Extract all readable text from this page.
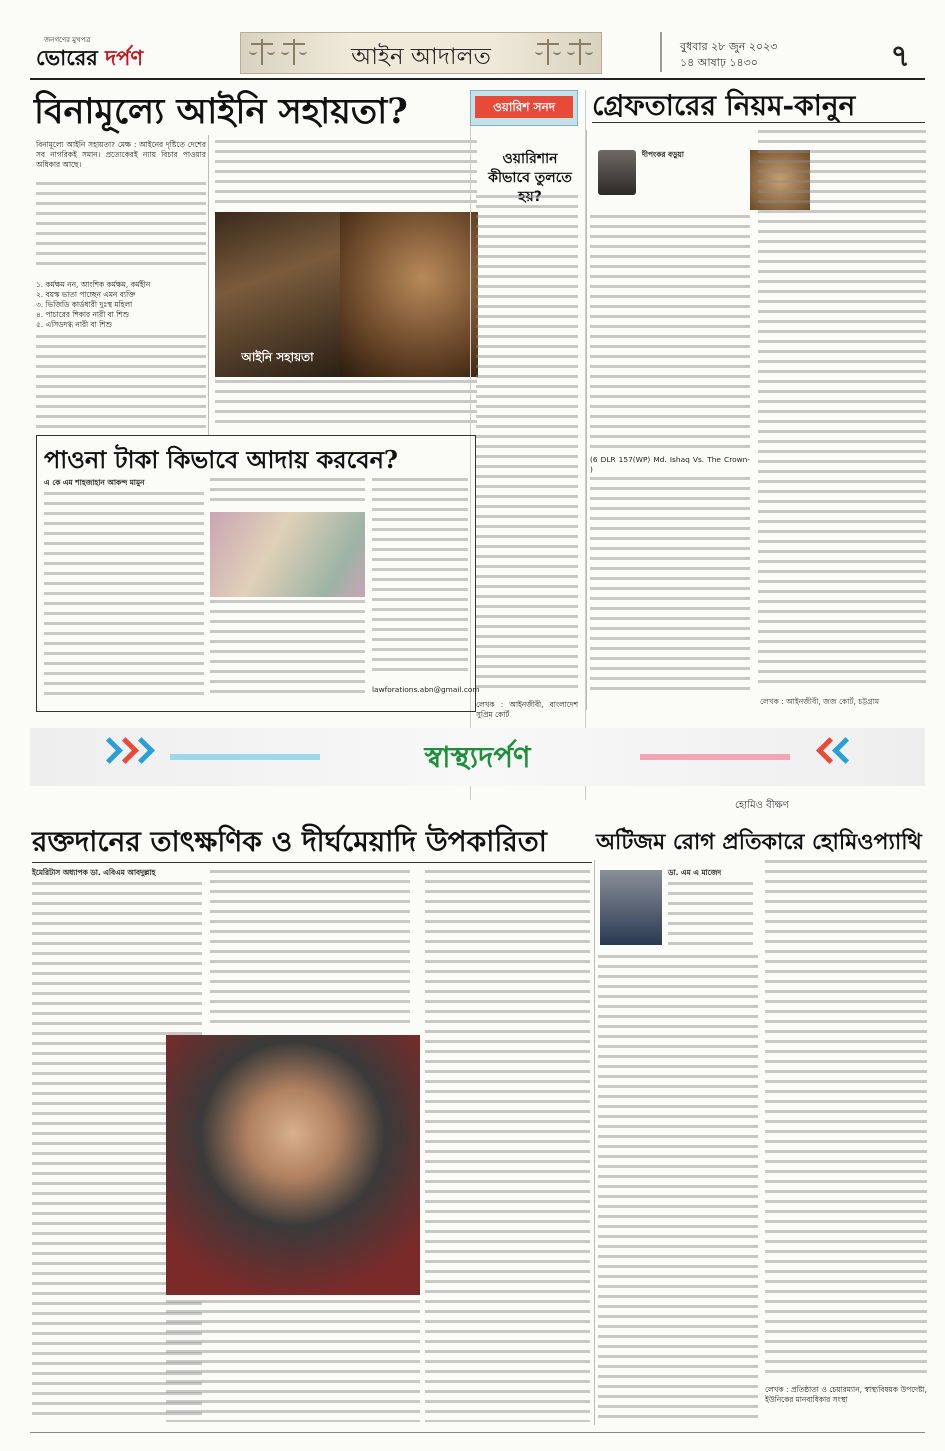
জনগণের মুখপত্র
ভোরের দর্পণ	আইন আদালত	বুধবার ২৮ জুন ২০২৩
১৪ আষাঢ় ১৪৩০	৭
বিনামূল্যে আইনি সহায়তা?
বিনামূল্যে আইনি সহায়তা? মেক্ষ : আইনের দৃষ্টিতে দেশের সব নাগরিকই সমান। প্রত্যেকেরই ন্যায় বিচার পাওয়ার অধিকার আছে।
১. কর্মক্ষম নন, আংশিক কর্মক্ষম, কর্মহীন
২. বয়স্ক ভাতা পাচ্ছেন এমন ব্যক্তি
৩. ভিজিডি কার্ডধারী দুঃস্থ মহিলা
৪. পাচারের শিকার নারী বা শিশু
৫. এসিডদগ্ধ নারী বা শিশু
আইনি সহায়তা
ওয়ারিশ সনদ
ওয়ারিশান কীভাবে তুলতে হয়?
লেখক : আইনজীবী, বাংলাদেশ সুপ্রিম কোর্ট
গ্রেফতারের নিয়ম-কানুন
দীপংকর বড়ুয়া
(6 DLR 157(WP) Md. Ishaq Vs. The Crown- )
লেখক : আইনজীবী, জজ কোর্ট, চট্টগ্রাম
পাওনা টাকা কিভাবে আদায় করবেন?
এ কে এম শাহজাহান আকন্দ মামুন
lawforations.abn@gmail.com
স্বাস্থ্যদর্পণ
হোমিও বীক্ষণ
রক্তদানের তাৎক্ষণিক ও দীর্ঘমেয়াদি উপকারিতা
ইমেরিটাস অধ্যাপক ডা. এবিএম আবদুল্লাহ
অটিজম রোগ প্রতিকারে হোমিওপ্যাথি
ডা. এম এ মাজেদ
লেখক : প্রতিষ্ঠাতা ও চেয়ারম্যান, স্বাস্থ্যবিষয়ক উপদেষ্টা, ইউনিকের মানবাধিকার সংস্থা
